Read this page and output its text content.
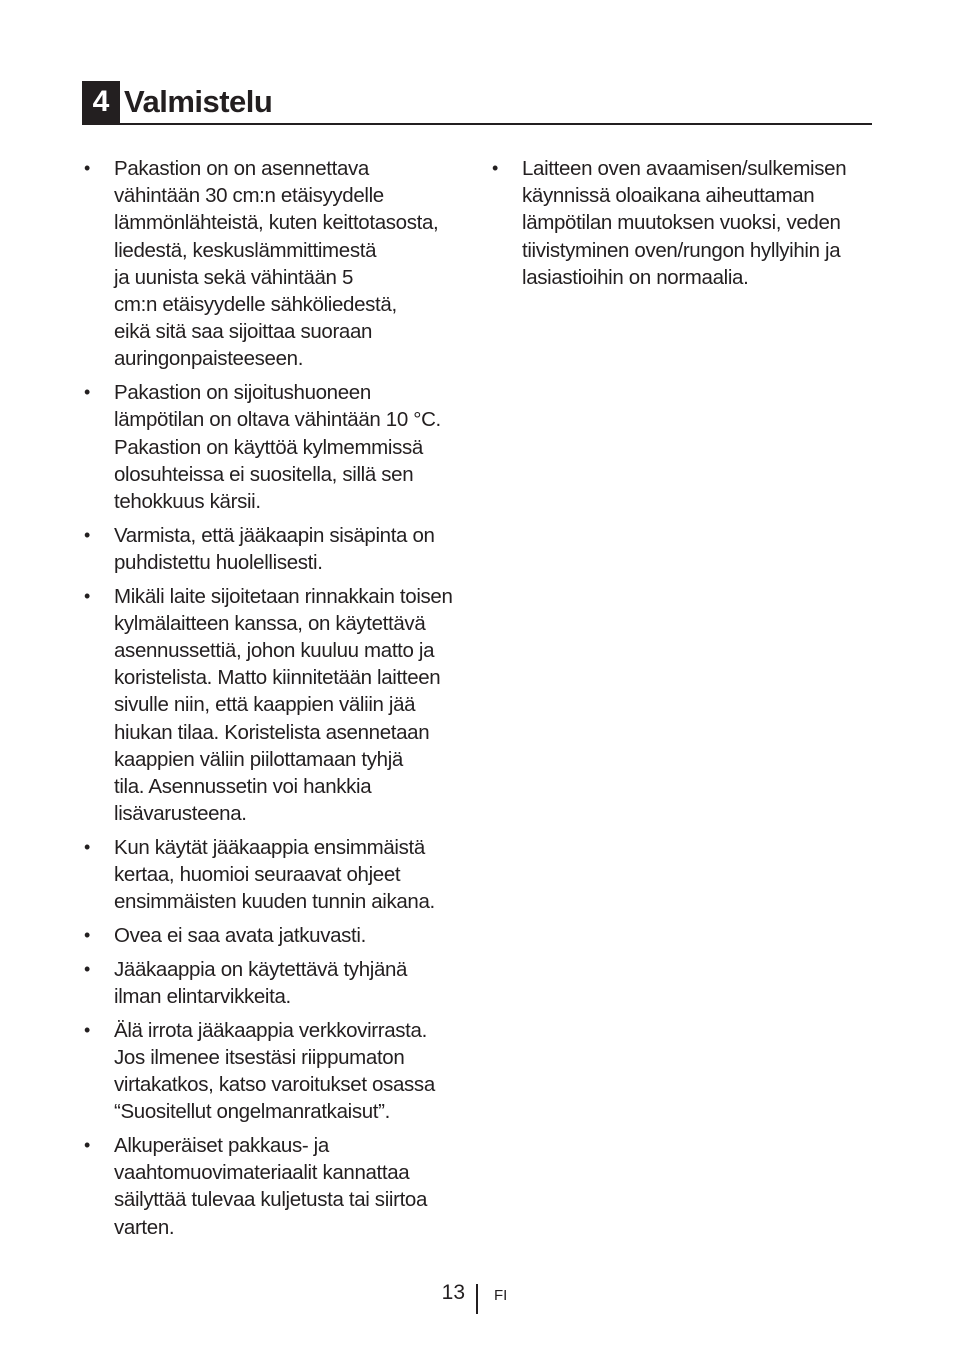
4 Valmistelu
• Pakastion on on asennettava
vähintään 30 cm:n etäisyydelle
lämmönlähteistä, kuten keittotasosta,
liedestä, keskuslämmittimestä
ja uunista sekä vähintään 5
cm:n etäisyydelle sähköliedestä,
eikä sitä saa sijoittaa suoraan
auringonpaisteeseen.
• Pakastion on sijoitushuoneen
lämpötilan on oltava vähintään 10 °C.
Pakastion on käyttöä kylmemmissä
olosuhteissa ei suositella, sillä sen
tehokkuus kärsii.
• Varmista, että jääkaapin sisäpinta on
puhdistettu huolellisesti.
• Mikäli laite sijoitetaan rinnakkain toisen
kylmälaitteen kanssa, on käytettävä
asennussettiä, johon kuuluu matto ja
koristelista. Matto kiinnitetään laitteen
sivulle niin, että kaappien väliin jää
hiukan tilaa. Koristelista asennetaan
kaappien väliin piilottamaan tyhjä
tila. Asennussetin voi hankkia
lisävarusteena.
• Kun käytät jääkaappia ensimmäistä
kertaa, huomioi seuraavat ohjeet
ensimmäisten kuuden tunnin aikana.
• Ovea ei saa avata jatkuvasti.
• Jääkaappia on käytettävä tyhjänä
ilman elintarvikkeita.
• Älä irrota jääkaappia verkkovirrasta.
Jos ilmenee itsestäsi riippumaton
virtakatkos, katso varoitukset osassa
“Suositellut ongelmanratkaisut”.
• Alkuperäiset pakkaus- ja
vaahtomuovimateriaalit kannattaa
säilyttää tulevaa kuljetusta tai siirtoa
varten.
• Laitteen oven avaamisen/sulkemisen
käynnissä oloaikana aiheuttaman
lämpötilan muutoksen vuoksi, veden
tiivistyminen oven/rungon hyllyihin ja
lasiastioihin on normaalia.
13 FI
